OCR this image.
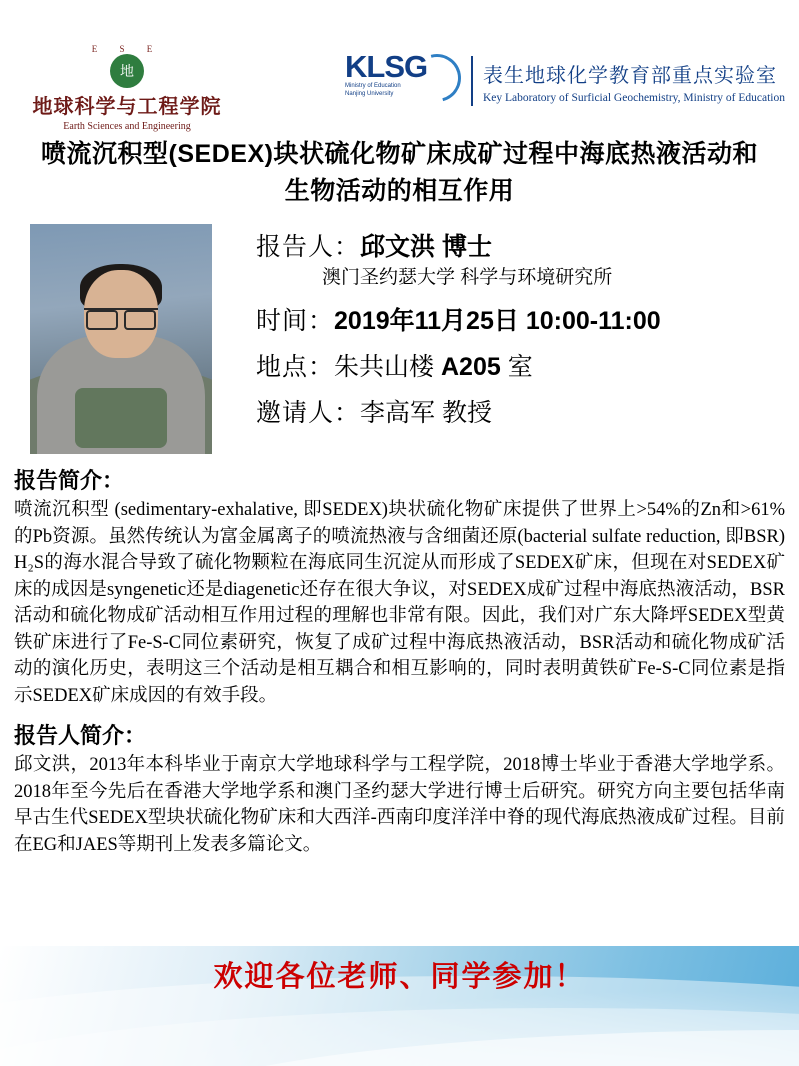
E S E
地
地球科学与工程学院
Earth Sciences and Engineering
KLSG
Ministry of Education
Nanjing University
表生地球化学教育部重点实验室
Key Laboratory of Surficial Geochemistry, Ministry of Education
喷流沉积型(SEDEX)块状硫化物矿床成矿过程中海底热液活动和生物活动的相互作用
报告人：邱文洪 博士
澳门圣约瑟大学 科学与环境研究所
时间：2019年11月25日 10:00-11:00
地点：朱共山楼 A205 室
邀请人：李高军 教授
报告简介：

喷流沉积型 (sedimentary-exhalative, 即SEDEX)块状硫化物矿床提供了世界上>54%的Zn和>61%的Pb资源。虽然传统认为富金属离子的喷流热液与含细菌还原(bacterial sulfate reduction, 即BSR) H₂S的海水混合导致了硫化物颗粒在海底同生沉淀从而形成了SEDEX矿床，但现在对SEDEX矿床的成因是syngenetic还是diagenetic还存在很大争议，对SEDEX成矿过程中海底热液活动，BSR活动和硫化物成矿活动相互作用过程的理解也非常有限。因此，我们对广东大降坪SEDEX型黄铁矿床进行了Fe-S-C同位素研究，恢复了成矿过程中海底热液活动，BSR活动和硫化物成矿活动的演化历史，表明这三个活动是相互耦合和相互影响的，同时表明黄铁矿Fe-S-C同位素是指示SEDEX矿床成因的有效手段。

报告人简介：

邱文洪，2013年本科毕业于南京大学地球科学与工程学院，2018博士毕业于香港大学地学系。2018年至今先后在香港大学地学系和澳门圣约瑟大学进行博士后研究。研究方向主要包括华南早古生代SEDEX型块状硫化物矿床和大西洋-西南印度洋洋中脊的现代海底热液成矿过程。目前在EG和JAES等期刊上发表多篇论文。

欢迎各位老师、同学参加！
